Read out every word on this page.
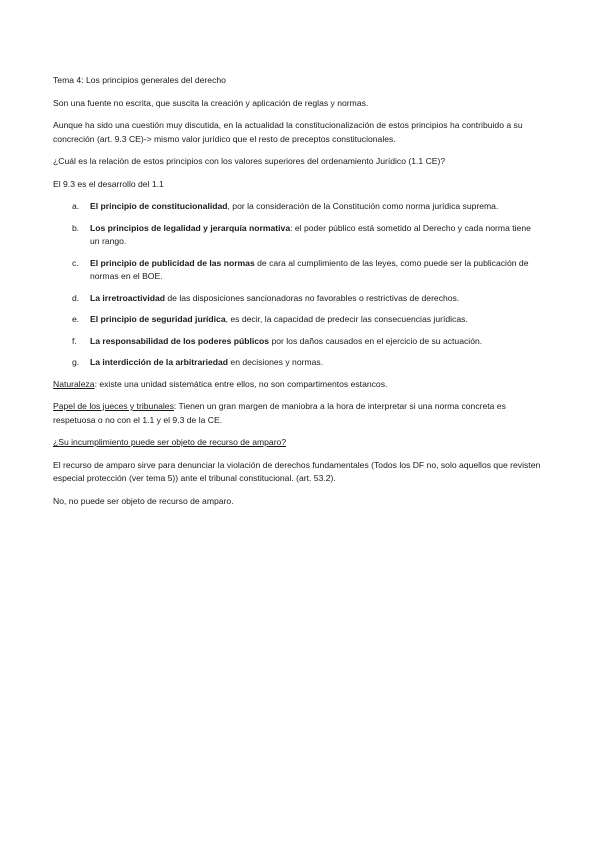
Tema 4: Los principios generales del derecho

Son una fuente no escrita, que suscita la creación y aplicación de reglas y normas.

Aunque ha sido una cuestión muy discutida, en la actualidad la constitucionalización de estos principios ha contribuido a su concreción (art. 9.3 CE)-> mismo valor jurídico que el resto de preceptos constitucionales.

¿Cuál es la relación de estos principios con los valores superiores del ordenamiento Jurídico (1.1 CE)?

El 9.3 es el desarrollo del 1.1

a.	El principio de constitucionalidad, por la consideración de la Constitución como norma jurídica suprema.
b.	Los principios de legalidad y jerarquía normativa: el poder público está sometido al Derecho y cada norma tiene un rango.
c.	El principio de publicidad de las normas de cara al cumplimiento de las leyes, como puede ser la publicación de normas en el BOE.
d.	La irretroactividad de las disposiciones sancionadoras no favorables o restrictivas de derechos.
e.	El principio de seguridad jurídica, es decir, la capacidad de predecir las consecuencias jurídicas.
f.	La responsabilidad de los poderes públicos por los daños causados en el ejercicio de su actuación.
g.	La interdicción de la arbitrariedad en decisiones y normas.

Naturaleza: existe una unidad sistemática entre ellos, no son compartimentos estancos.

Papel de los jueces y tribunales: Tienen un gran margen de maniobra a la hora de interpretar si una norma concreta es respetuosa o no con el 1.1 y el 9.3 de la CE.

¿Su incumplimiento puede ser objeto de recurso de amparo?

El recurso de amparo sirve para denunciar la violación de derechos fundamentales (Todos los DF no, solo aquellos que revisten especial protección (ver tema 5)) ante el tribunal constitucional. (art. 53.2).

No, no puede ser objeto de recurso de amparo.
